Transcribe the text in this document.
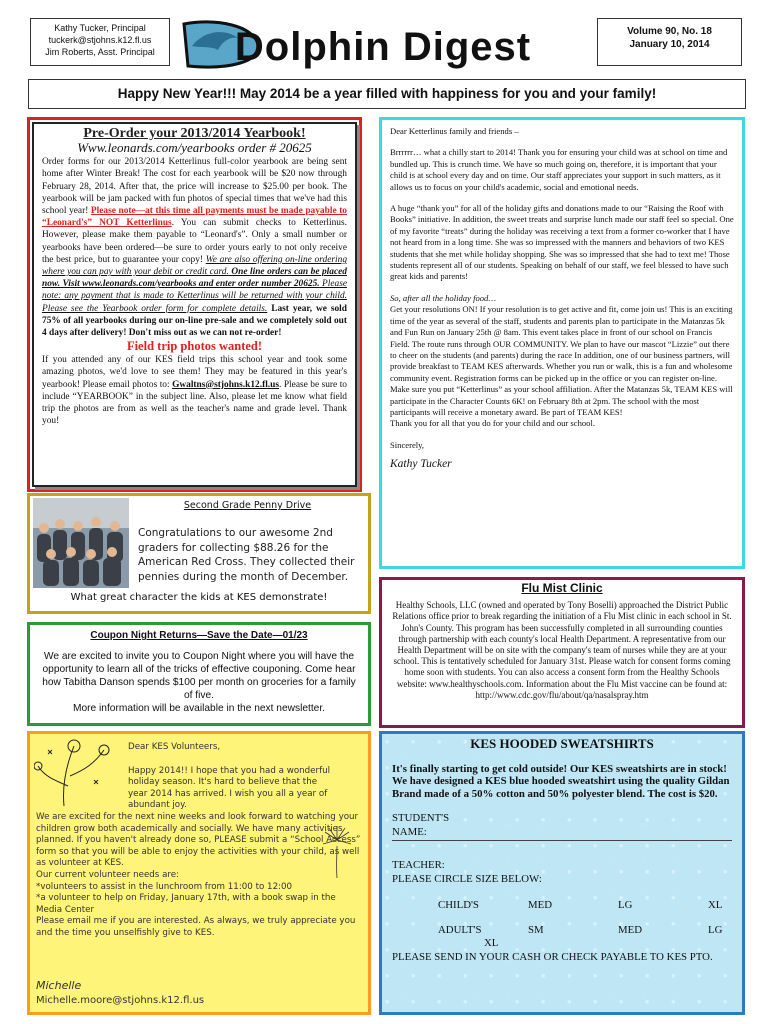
Kathy Tucker, Principal
tuckerk@stjohns.k12.fl.us
Jim Roberts, Asst. Principal Dolphin Digest	Volume 90, No. 18
January 10, 2014
Happy New Year!!! May 2014 be a year filled with happiness for you and your family!
Pre-Order your 2013/2014 Yearbook!
Www.leonards.com/yearbooks order # 20625

Order forms for our 2013/2014 Ketterlinus full-color yearbook are being sent home after Winter Break! The cost for each yearbook will be $20 now through February 28, 2014. After that, the price will increase to $25.00 per book. The yearbook will be jam packed with fun photos of special times that we've had this school year! Please note—at this time all payments must be made payable to “Leonard's” NOT Ketterlinus. You can submit checks to Ketterlinus. However, please make them payable to “Leonard's”. Only a small number or yearbooks have been ordered—be sure to order yours early to not only receive the best price, but to guarantee your copy! We are also offering on-line ordering where you can pay with your debit or credit card. One line orders can be placed now. Visit www.leonards.com/yearbooks and enter order number 20625. Please note: any payment that is made to Ketterlinus will be returned with your child. Please see the Yearbook order form for complete details. Last year, we sold 75% of all yearbooks during our on-line pre-sale and we completely sold out 4 days after delivery! Don't miss out as we can not re-order!

Field trip photos wanted!

If you attended any of our KES field trips this school year and took some amazing photos, we'd love to see them! They may be featured in this year's yearbook! Please email photos to: Gwaltns@stjohns.k12.fl.us. Please be sure to include “YEARBOOK” in the subject line. Also, please let me know what field trip the photos are from as well as the teacher's name and grade level. Thank you!

Dear Ketterlinus family and friends –

Brrrrrr… what a chilly start to 2014! Thank you for ensuring your child was at school on time and bundled up. This is crunch time. We have so much going on, therefore, it is important that your child is at school every day and on time. Our staff appreciates your support in such matters, as it allows us to focus on your child's academic, social and emotional needs.

A huge “thank you” for all of the holiday gifts and donations made to our “Raising the Roof with Books” initiative. In addition, the sweet treats and surprise lunch made our staff feel so special. One of my favorite “treats” during the holiday was receiving a text from a former co-worker that I have not heard from in a long time. She was so impressed with the manners and behaviors of two KES students that she met while holiday shopping. She was so impressed that she had to text me! Those students represent all of our students. Speaking on behalf of our staff, we feel blessed to have such great kids and parents!

So, after all the holiday food…

Get your resolutions ON! If your resolution is to get active and fit, come join us! This is an exciting time of the year as several of the staff, students and parents plan to participate in the Matanzas 5k and Fun Run on January 25th @ 8am. This event takes place in front of our school on Francis Field. The route runs through OUR COMMUNITY. We plan to have our mascot “Lizzie” out there to cheer on the students (and parents) during the race In addition, one of our business partners, will provide breakfast to TEAM KES afterwards. Whether you run or walk, this is a fun and wholesome community event. Registration forms can be picked up in the office or you can register on-line. Make sure you put “Ketterlinus” as your school affiliation. After the Matanzas 5k, TEAM KES will participate in the Character Counts 6K! on February 8th at 2pm. The school with the most participants will receive a monetary award. Be part of TEAM KES!
Thank you for all that you do for your child and our school.

Sincerely,

Kathy Tucker
Second Grade Penny Drive
Congratulations to our awesome 2nd graders for collecting $88.26 for the American Red Cross. They collected their pennies during the month of December.
What great character the kids at KES demonstrate!
Coupon Night Returns—Save the Date—01/23

We are excited to invite you to Coupon Night where you will have the opportunity to learn all of the tricks of effective couponing. Come hear how Tabitha Danson spends $100 per month on groceries for a family of five.

More information will be available in the next newsletter.

Dear KES Volunteers,
Happy 2014!! I hope that you had a wonderful holiday season. It's hard to believe that the year 2014 has arrived. I wish you all a year of abundant joy.
We are excited for the next nine weeks and look forward to watching your children grow both academically and socially. We have many activities planned. If you haven't already done so, PLEASE submit a “School Access” form so that you will be able to enjoy the activities with your child, as well as volunteer at KES.
Our current volunteer needs are:
*volunteers to assist in the lunchroom from 11:00 to 12:00
*a volunteer to help on Friday, January 17th, with a book swap in the Media Center
Please email me if you are interested. As always, we truly appreciate you and the time you unselfishly give to KES.
Michelle
Michelle.moore@stjohns.k12.fl.us
Flu Mist Clinic

Healthy Schools, LLC (owned and operated by Tony Boselli) approached the District Public Relations office prior to break regarding the initiation of a Flu Mist clinic in each school in St. John's County. This program has been successfully completed in all surrounding counties through partnership with each county's local Health Department. A representative from our Health Department will be on site with the company's team of nurses while they are at your school. This is tentatively scheduled for January 31st. Please watch for consent forms coming home soon with students. You can also access a consent form from the Healthy Schools website: www.healthyschools.com. Information about the Flu Mist vaccine can be found at: http://www.cdc.gov/flu/about/qa/nasalspray.htm

KES HOODED SWEATSHIRTS
It's finally starting to get cold outside! Our KES sweatshirts are in stock! We have designed a KES blue hooded sweatshirt using the quality Gildan Brand made of a 50% cotton and 50% polyester blend. The cost is $20.
STUDENT'S
NAME:
TEACHER:
PLEASE CIRCLE SIZE BELOW:
CHILD'S	MED	LG	XL
ADULT'S	SM	MED	LG
XL
PLEASE SEND IN YOUR CASH OR CHECK PAYABLE TO KES PTO.
